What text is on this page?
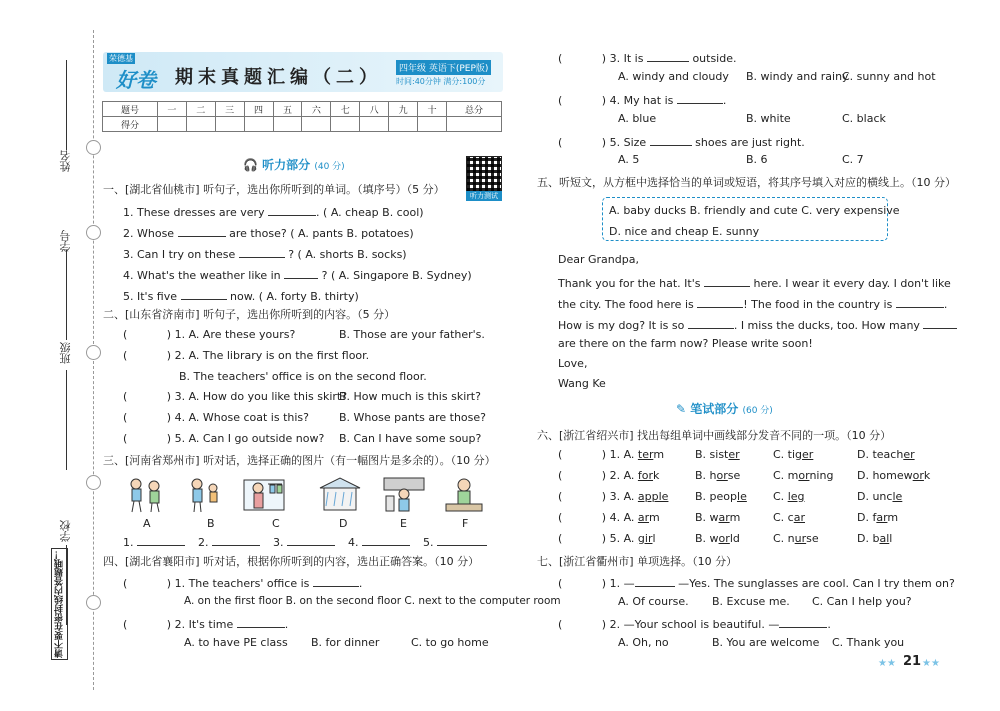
姓名
学号
班级
学校
请不要在密封线内答题哦！
荣德基
好卷 期末真题汇编（二）	四年级 英语下(PEP版)
时间:40分钟 满分:100分
题号	一	二	三	四	五	六	七	八	九	十	总分
得分											
🎧 听力部分 (40 分)
听力测试
一、[湖北省仙桃市] 听句子，选出你所听到的单词。（填序号）（5 分）
1. These dresses are very	. ( A. cheap B. cool)
2. Whose	are those? ( A. pants B. potatoes)
3. Can I try on these	? ( A. shorts B. socks)
4. What's the weather like in	? ( A. Singapore B. Sydney)
5. It's five	now. ( A. forty B. thirty)
二、[山东省济南市] 听句子，选出你所听到的内容。（5 分）
(	) 1. A. Are these yours?	B. Those are your father's.
(	) 2. A. The library is on the first floor.
B. The teachers' office is on the second floor.
(	) 3. A. How do you like this skirt?
B. How much is this skirt?
(	) 4. A. Whose coat is this?	B. Whose pants are those?
(	) 5. A. Can I go outside now? B. Can I have some soup?
三、[河南省郑州市] 听对话，选择正确的图片（有一幅图片是多余的）。（10 分）
A	B	C	D	E	F
1.	2.	3.	4.	5.
四、[湖北省襄阳市] 听对话，根据你所听到的内容，选出正确答案。（10 分）
(	) 1. The teachers' office is	.
A. on the first floor B. on the second floor C. next to the computer room
(	) 2. It's time	.
A. to have PE class B. for dinner	C. to go home
(	) 3. It is	outside.
A. windy and cloudy B. windy and rainy
C. sunny and hot
(	) 4. My hat is	.
A. blue	B. white	C. black
(	) 5. Size	shoes are just right.
A. 5	B. 6	C. 7
五、听短文，从方框中选择恰当的单词或短语，将其序号填入对应的横线上。（10 分）
A. baby ducks B. friendly and cute C. very expensive
D. nice and cheap E. sunny
Dear Grandpa,
Thank you for the hat. It's	here. I wear it every day. I don't like
the city. The food here is	! The food in the country is	.
How is my dog? It is so	. I miss the ducks, too. How many
are there on the farm now? Please write soon!
Love,
Wang Ke
✎ 笔试部分 (60 分)
六、[浙江省绍兴市] 找出每组单词中画线部分发音不同的一项。（10 分）
(	) 1. A. term	B. sister	C. tiger	D. teacher
(	) 2. A. fork	B. horse	C. morning D. homework
(	) 3. A. apple B. people C. leg	D. uncle
(	) 4. A. arm	B. warm	C. car	D. farm
(	) 5. A. girl	B. world	C. nurse	D. ball
七、[浙江省衢州市] 单项选择。（10 分）
(	) 1. —	—Yes. The sunglasses are cool. Can I try them on?
A. Of course. B. Excuse me. C. Can I help you?
(	) 2. —Your school is beautiful. —	.
A. Oh, no	B. You are welcome C. Thank you
★★ 21 ★★
